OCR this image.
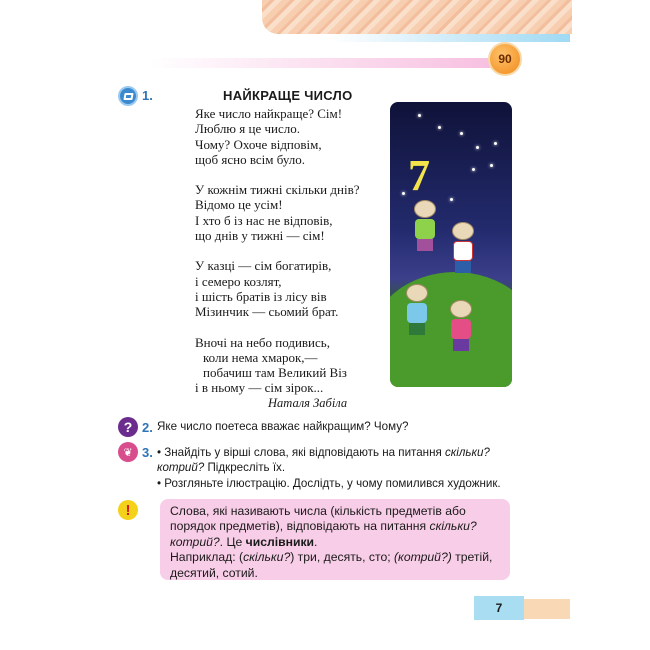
90
1.	НАЙКРАЩЕ ЧИСЛО
Яке число найкраще? Сім!
Люблю я це число.
Чому? Охоче відповім,
щоб ясно всім було.
У кожнім тижні скільки днів?
Відомо це усім!
І хто б із нас не відповів,
що днів у тижні — сім!
У казці — сім богатирів,
і семеро козлят,
і шість братів із лісу вів
Мізинчик — сьомий брат.
Вночі на небо подивись,
коли нема хмарок,—
побачиш там Великий Віз
і в ньому — сім зірок...
Наталя Забіла
7
? 2. Яке число поетеса вважає найкращим? Чому?
❦ 3. • Знайдіть у вірші слова, які відповідають на питання скільки? котрий? Підкресліть їх.
• Розгляньте ілюстрацію. Дослідть, у чому помилився художник.
!	Слова, які називають числа (кількість предметів або порядок предметів), відповідають на питання скільки? котрий?. Це числівники.
Наприклад: (скільки?) три, десять, сто; (котрий?) третій, десятий, сотий.
7
